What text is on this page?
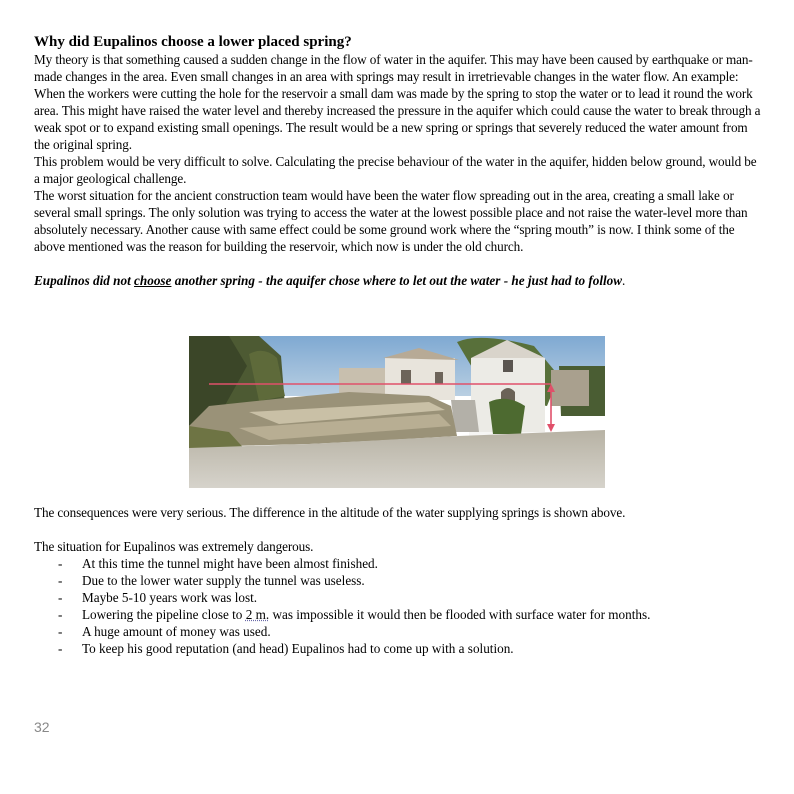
Why did Eupalinos choose a lower placed spring?

My theory is that something caused a sudden change in the flow of water in the aquifer. This may have been caused by earthquake or man-made changes in the area. Even small changes in an area with springs may result in irretrievable changes in the water flow. An example: When the workers were cutting the hole for the reservoir a small dam was made by the spring to stop the water or to lead it round the work area. This might have raised the water level and thereby increased the pressure in the aquifer which could cause the water to break through a weak spot or to expand existing small openings. The result would be a new spring or springs that severely reduced the water amount from the original spring.

This problem would be very difficult to solve. Calculating the precise behaviour of the water in the aquifer, hidden below ground, would be a major geological challenge.

The worst situation for the ancient construction team would have been the water flow spreading out in the area, creating a small lake or several small springs. The only solution was trying to access the water at the lowest possible place and not raise the water-level more than absolutely necessary. Another cause with same effect could be some ground work where the “spring mouth” is now. I think some of the above mentioned was the reason for building the reservoir, which now is under the old church.

Eupalinos did not choose another spring - the aquifer chose where to let out the water - he just had to follow.

The consequences were very serious. The difference in the altitude of the water supplying springs is shown above.

The situation for Eupalinos was extremely dangerous.

- At this time the tunnel might have been almost finished.
- Due to the lower water supply the tunnel was useless.
- Maybe 5-10 years work was lost.
- Lowering the pipeline close to 2 m. was impossible it would then be flooded with surface water for months.
- A huge amount of money was used.
- To keep his good reputation (and head) Eupalinos had to come up with a solution.
32
